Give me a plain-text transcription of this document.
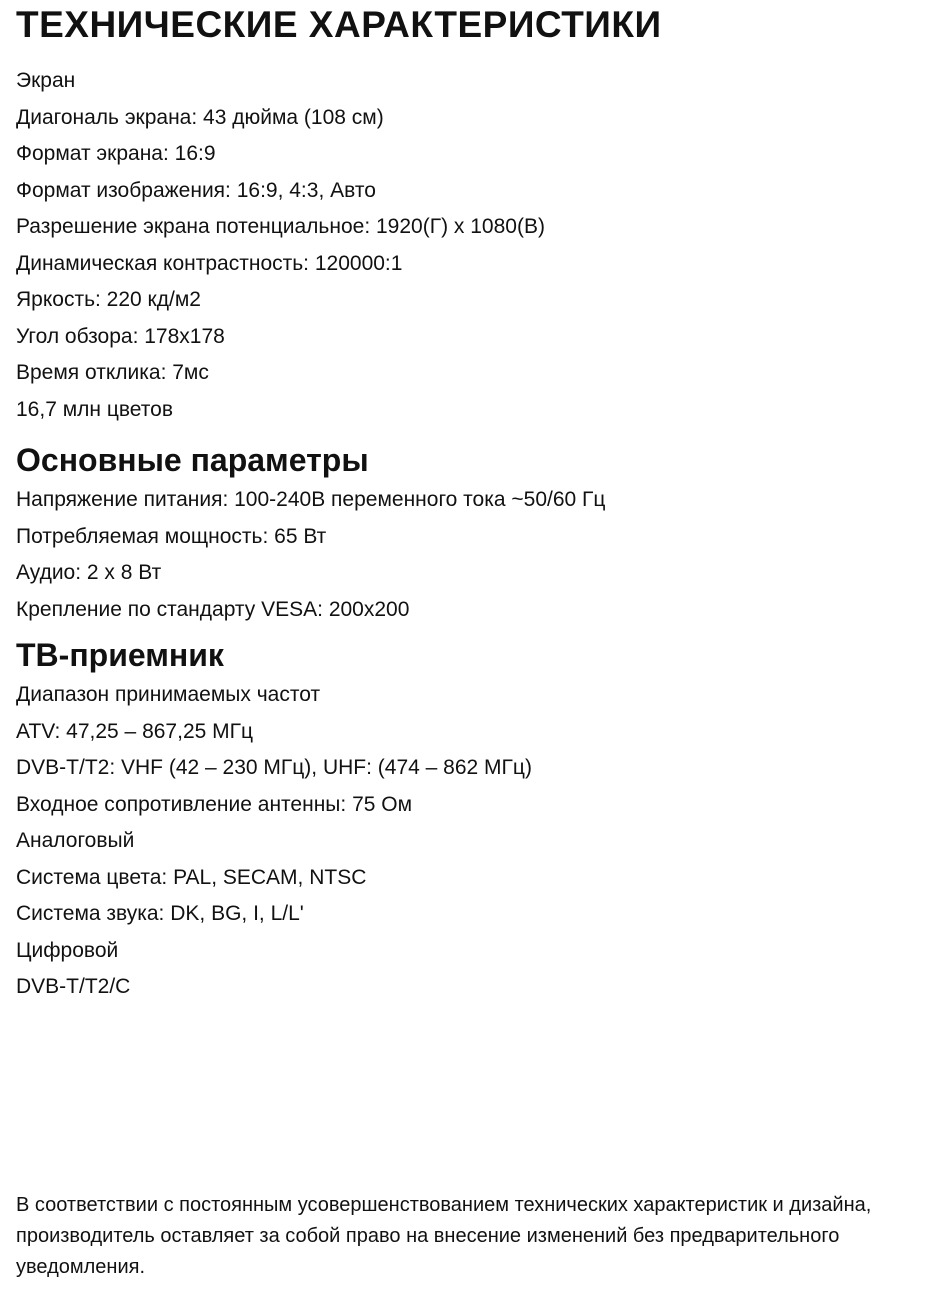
ТЕХНИЧЕСКИЕ ХАРАКТЕРИСТИКИ
Экран
Диагональ экрана: 43 дюйма (108 см)
Формат экрана: 16:9
Формат изображения: 16:9, 4:3, Авто
Разрешение экрана потенциальное: 1920(Г) x 1080(В)
Динамическая контрастность: 120000:1
Яркость: 220 кд/м2
Угол обзора: 178x178
Время отклика: 7мс
16,7 млн цветов
Основные параметры
Напряжение питания: 100-240В переменного тока ~50/60 Гц
Потребляемая мощность: 65 Вт
Аудио: 2 х 8 Вт
Крепление по стандарту VESA: 200x200
ТВ-приемник
Диапазон принимаемых частот
ATV: 47,25 – 867,25 МГц
DVB-T/T2: VHF (42 – 230 МГц), UHF: (474 – 862 МГц)
Входное сопротивление антенны: 75 Ом
Аналоговый
Система цвета: PAL, SECAM, NTSC
Система звука: DK, BG, I, L/L'
Цифровой
DVB-T/T2/C

В соответствии с постоянным усовершенствованием технических характеристик и дизайна, производитель оставляет за собой право на внесение изменений без предварительного уведомления.
